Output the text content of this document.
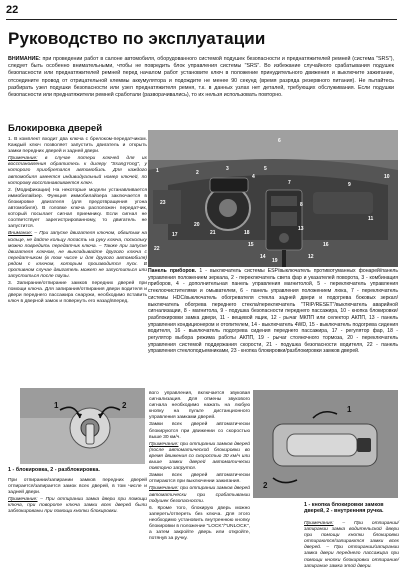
22
Руководство по эксплуатации
ВНИМАНИЕ: при проведении работ в салоне автомобиля, оборудованного системой подушек безопасности и преднатяжителей ремней (система "SRS"), следует быть особенно внимательными, чтобы не повредить блок управления системы "SRS". Во избежание случайного срабатывания подушек безопасности или преднатяжителей ремней перед началом работ установите ключ в положение принудительного движения и выключите зажигание, отсоедините провод от отрицательной клеммы аккумулятора и подождите не менее 90 секунд (время разряда резервного питания). Не пытайтесь разбирать узел подушки безопасности или узел преднатяжителя ремня, т.к. в данных узлах нет деталей, требующих обслуживания. Если подушки безопасности или преднатяжители ремней сработали (разворачивались), то их нельзя использовать повторно.
Блокировка дверей

1. В комплект входит два ключа с брелоком-передатчиком. Каждый ключ позволяет запустить двигатель и открыть замки передних дверей и задней двери.

Примечание: в случае потери ключей для их восстановления обратитесь к дилеру "SsangYong", у которого приобретался автомобиль. Для каждого автомобиля имеется индивидуальный номер ключей, по которому восстанавливается ключ.

2. (Модификации) На некоторые модели устанавливается иммобилайзер. Функция иммобилайзера заключается в блокировке двигателя (для предотвращения угона автомобиля). В головке ключа расположен передатчик, который посылает сигнал приемнику. Если сигнал не соответствует зарегистрированному, то двигатель не запустится.

Внимание: – При запуске двигателя ключом, обвитым на кольце, не дайте кольцу попасть на руку ключа, поскольку можно повредить передатчик ключа. – Также при запуске двигателя ключом, не выкладывайте другого ключа с передатчиком (в том числе и для другого автомобиля) рядом с ключом, которым производится пуск. В противном случае двигатель может не запуститься или запуститься после паузы.

3. Запирание/отпирание замков передних дверей при помощи ключа. Для запирания/отпирания двери водителя и двери переднего пассажира снаружи, необходимо вставить ключ в дверной замок и повернуть его назад/вперед.

1	2
1 - блокировка, 2 - разблокировка.

При отпирании/запирании замков передних дверей отпирается/запирается замок всех дверей, в том числе и задней двери.

Примечание: – При отпирании замка двери при помощи ключа, при повороте ключа замки всех дверей были заблокированы при помощи кнопки блокировки.

1	2
3
4
5
6
7
8
9
10
11
12
13
14
15	16
17	18
19
20
21
22
23
Панель приборов. 1 - выключатель системы ESP/выключатель противотуманных фонарей/панель управления положением зеркала, 2 - переключатель света фар и указателей поворота, 3 - комбинация приборов, 4 - дополнительная панель управления магнитолой, 5 - переключатель управления стеклоочистителями и омывателем, 6 - панель управления положением люка, 7 - переключатель системы HDC/выключатель обогревателя стекла задней двери и подогрева боковых зеркал/выключатель обогрева переднего стекла/переключатель "TRIP/RESET"/выключатель аварийной сигнализации, 8 - магнитола, 9 - подушка безопасности переднего пассажира, 10 - кнопка блокировки/разблокировки замка двери, 11 - вещевой ящик, 12 - рычаг МКПП или селектор АКПП, 13 - панель управления кондиционером и отопителем, 14 - выключатель 4WD, 15 - выключатель подогрева сидения водителя, 16 - выключатель подогрева сидения переднего пассажира, 17 - регулятор фар, 18 - регулятор выбора режима работы АКПП, 19 - рычаг стояночного тормоза, 20 - переключатель управления системой поддержания скорости, 21 - подушка безопасности водителя, 22 - панель управления стеклоподъемниками, 23 - кнопка блокировки/разблокировки замков дверей.

вого управления, включается звуковая сигнализация. Для отмены звукового сигнала необходимо нажать на любую кнопку на пульте дистанционного управления замками дверей.

Замки всех дверей автоматически блокируются при движении со скоростью выше 30 км/ч.

Примечание: при отпирании замков дверей (после автоматической блокировки во время движения со скоростью 30 км/ч или выше замки дверей автоматически повторно запрутся.

Замки всех дверей автоматически отпираются при выключении зажигания.

Примечание: при отпирании замков дверей автоматически при срабатывании подушек безопасности.

6. Кроме того, блокирую дверь можно запереть/отпереть без ключа. Для этого необходимо установить внутреннюю кнопку блокировки в положение "LOCK"/"UNLOCK", а затем закройте дверь или откройте, потянув за ручку.

1
2
1 - кнопка блокировки замков дверей, 2 - внутренняя ручка.

Примечание: – При отпирании/запирании замка водительской двери при помощи кнопки блокировки отпираются/запираются замки всех дверей. – При отпирании/запирании замка двери переднего пассажира при помощи кнопки блокировки отпирание/запирание замка этой двери.
